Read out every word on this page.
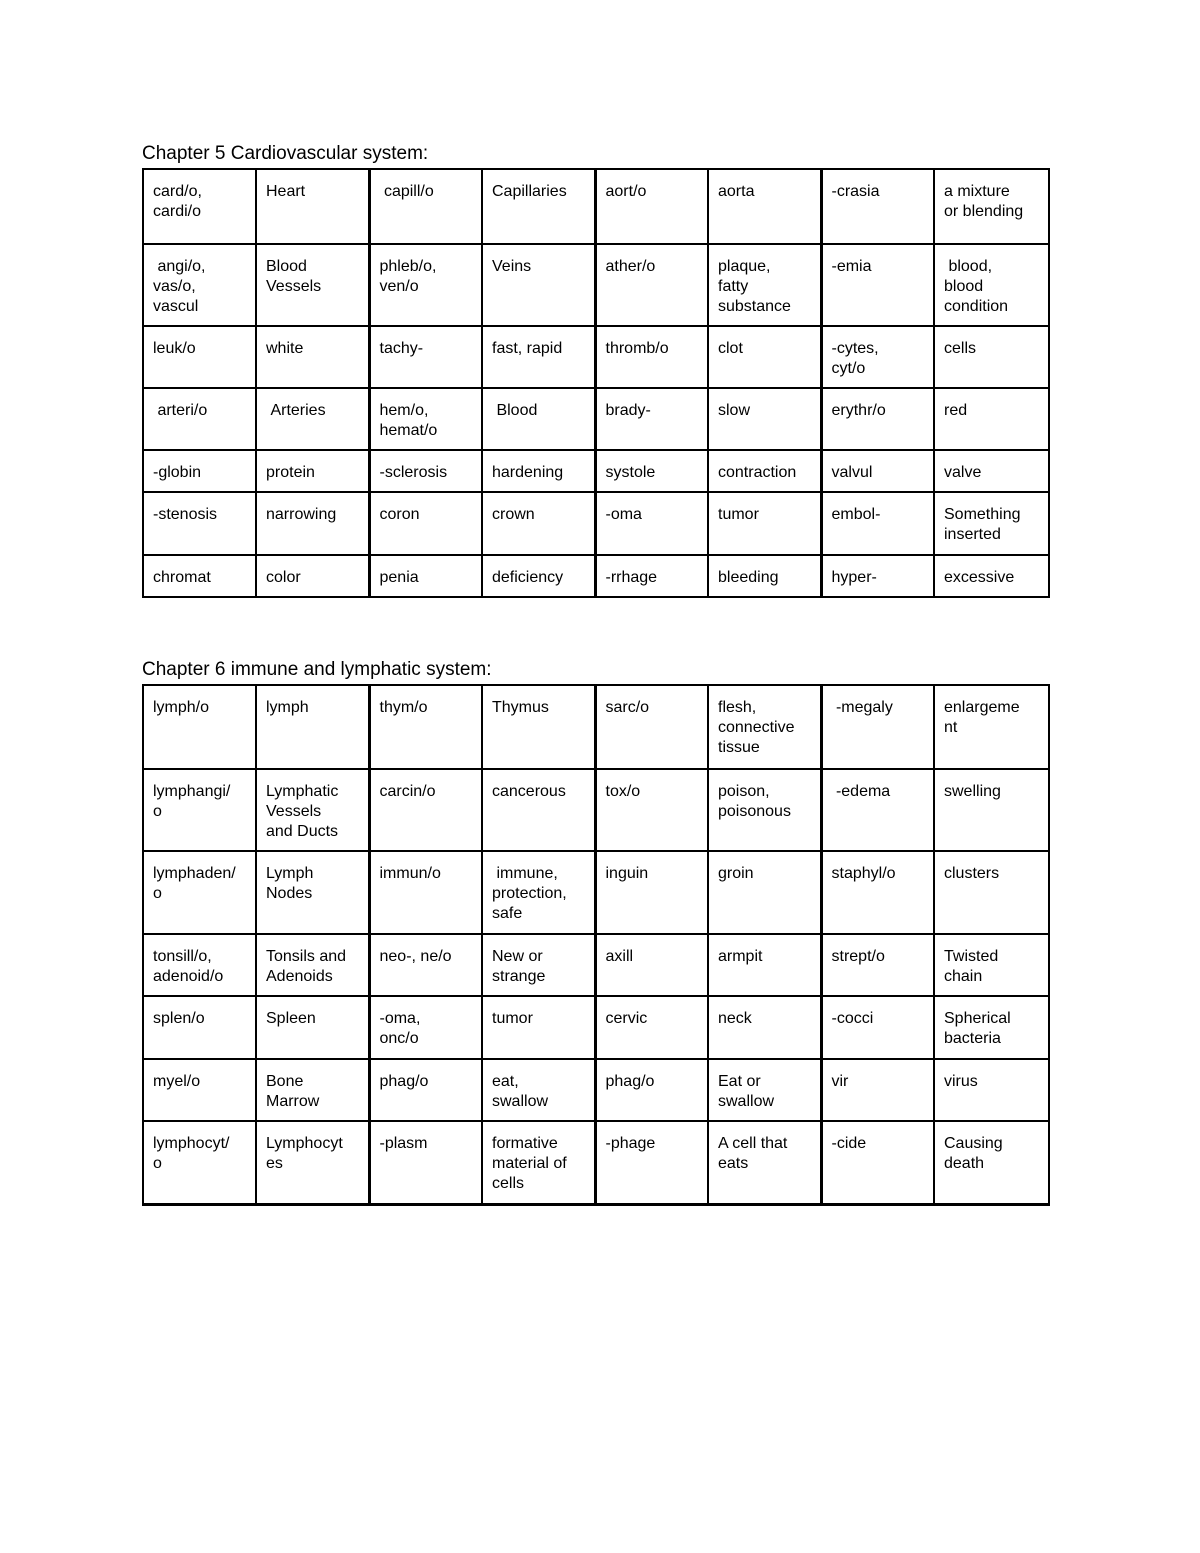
Chapter 5 Cardiovascular system:
card/o,
cardi/o	Heart	capill/o	Capillaries	aort/o	aorta	-crasia	a mixture
or blending
angi/o,
vas/o,
vascul	Blood
Vessels	phleb/o,
ven/o	Veins	ather/o	plaque,
fatty
substance	-emia	blood,
blood
condition
leuk/o	white	tachy-	fast, rapid	thromb/o	clot	-cytes,
cyt/o	cells
arteri/o	Arteries	hem/o,
hemat/o	Blood	brady-	slow	erythr/o	red
-globin	protein	-sclerosis	hardening	systole	contraction	valvul	valve
-stenosis	narrowing	coron	crown	-oma	tumor	embol-	Something
inserted
chromat	color	penia	deficiency	-rrhage	bleeding	hyper-	excessive
Chapter 6 immune and lymphatic system:
lymph/o	lymph	thym/o	Thymus	sarc/o	flesh,
connective
tissue	-megaly	enlargeme
nt
lymphangi/
o	Lymphatic
Vessels
and Ducts	carcin/o	cancerous	tox/o	poison,
poisonous	-edema	swelling
lymphaden/
o	Lymph
Nodes	immun/o	immune,
protection,
safe	inguin	groin	staphyl/o	clusters
tonsill/o,
adenoid/o	Tonsils and
Adenoids	neo-, ne/o	New or
strange	axill	armpit	strept/o	Twisted
chain
splen/o	Spleen	-oma,
onc/o	tumor	cervic	neck	-cocci	Spherical
bacteria
myel/o	Bone
Marrow	phag/o	eat,
swallow	phag/o	Eat or
swallow	vir	virus
lymphocyt/
o	Lymphocyt
es	-plasm	formative
material of
cells	-phage	A cell that
eats	-cide	Causing
death
